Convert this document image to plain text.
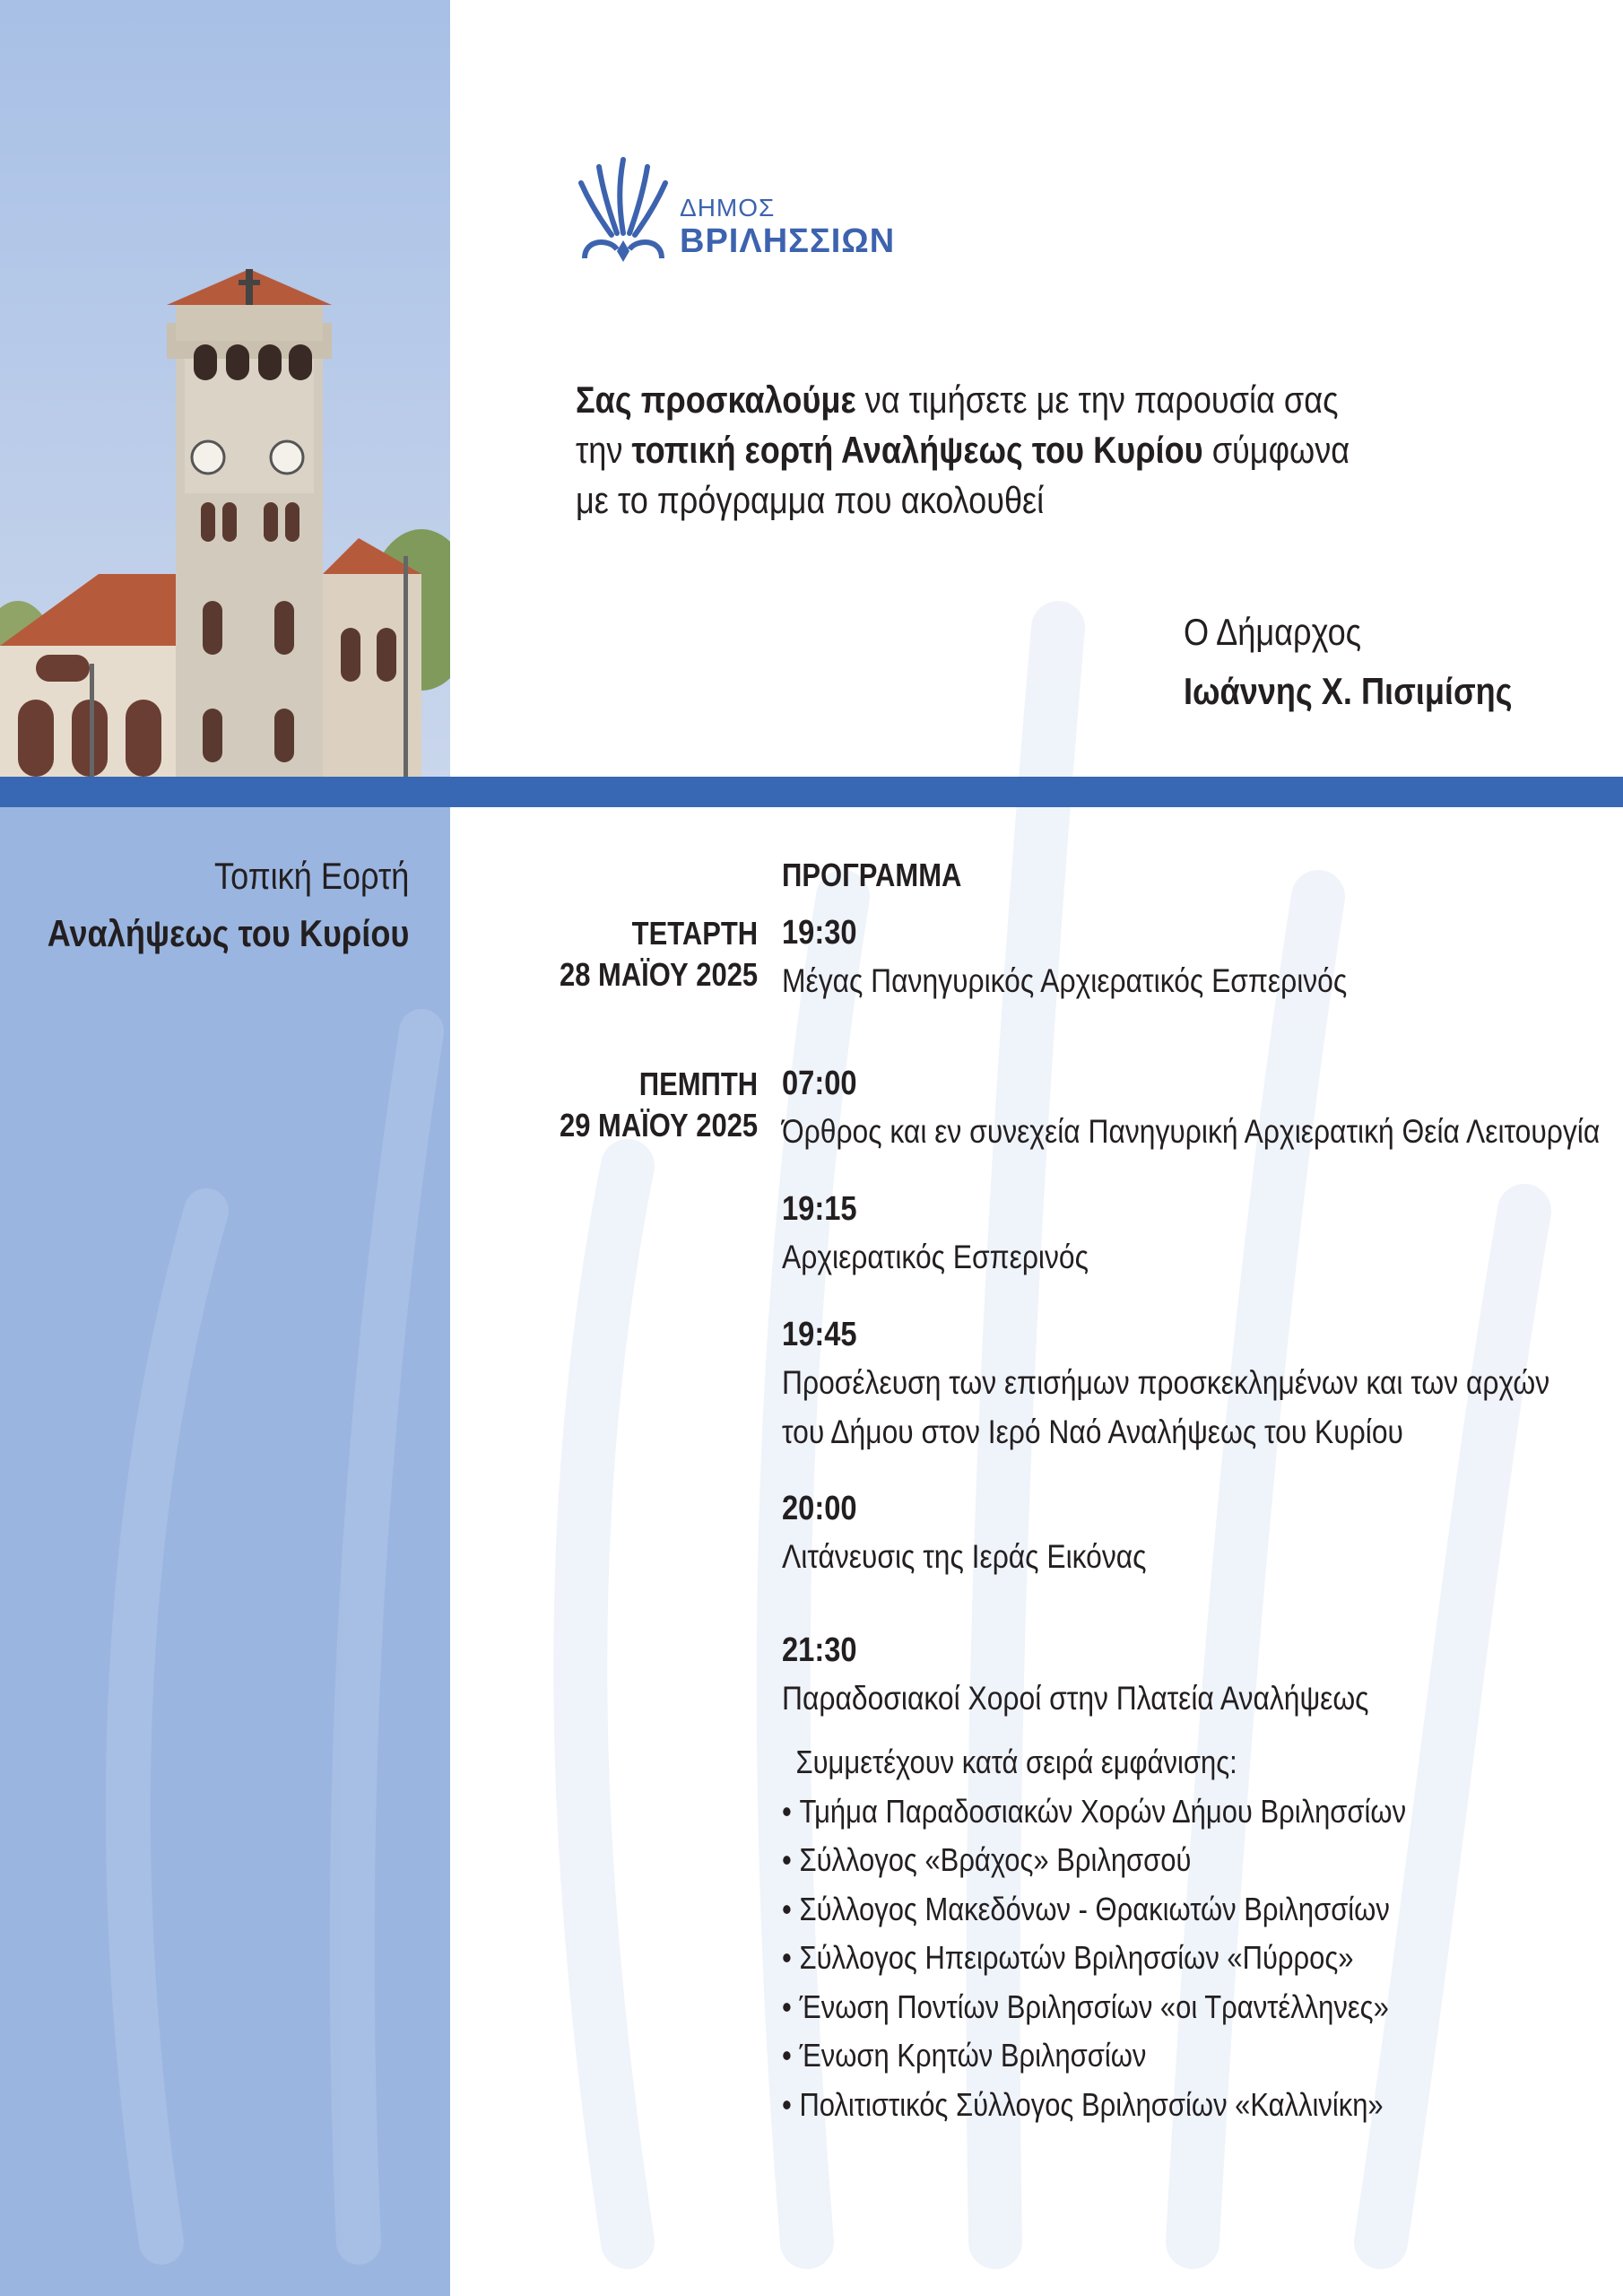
ΔΗΜΟΣ
ΒΡΙΛΗΣΣΙΩΝ
Σας προσκαλούμε να τιμήσετε με την παρουσία σας
την τοπική εορτή Αναλήψεως του Κυρίου σύμφωνα
με το πρόγραμμα που ακολουθεί
Ο Δήμαρχος
Ιωάννης Χ. Πισιμίσης
Τοπική Εορτή
Αναλήψεως του Κυρίου
ΠΡΟΓΡΑΜΜΑ
ΤΕΤΑΡΤΗ
28 ΜΑΪΟΥ 2025
ΠΕΜΠΤΗ
29 ΜΑΪΟΥ 2025
19:30
Μέγας Πανηγυρικός Αρχιερατικός Εσπερινός
07:00
Όρθρος και εν συνεχεία Πανηγυρική Αρχιερατική Θεία Λειτουργία
19:15
Αρχιερατικός Εσπερινός
19:45
Προσέλευση των επισήμων προσκεκλημένων και των αρχών
του Δήμου στον Ιερό Ναό Αναλήψεως του Κυρίου
20:00
Λιτάνευσις της Ιεράς Εικόνας
21:30
Παραδοσιακοί Χοροί στην Πλατεία Αναλήψεως
Συμμετέχουν κατά σειρά εμφάνισης:
• Τμήμα Παραδοσιακών Χορών Δήμου Βριλησσίων
• Σύλλογος «Βράχος» Βριλησσού
• Σύλλογος Μακεδόνων - Θρακιωτών Βριλησσίων
• Σύλλογος Ηπειρωτών Βριλησσίων «Πύρρος»
• Ένωση Ποντίων Βριλησσίων «οι Τραντέλληνες»
• Ένωση Κρητών Βριλησσίων
• Πολιτιστικός Σύλλογος Βριλησσίων «Καλλινίκη»
